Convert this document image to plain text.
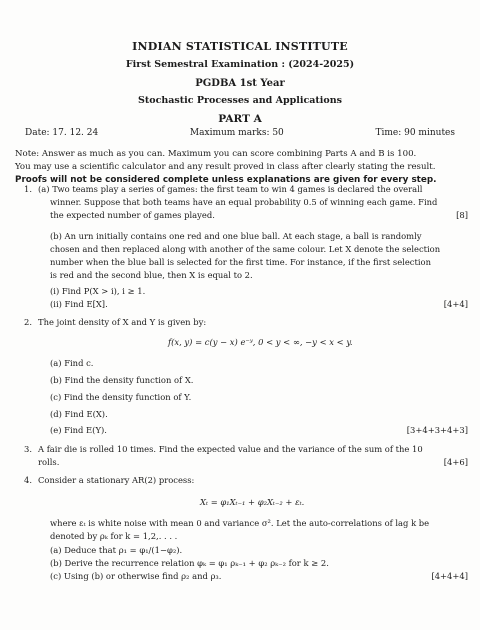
INDIAN STATISTICAL INSTITUTE
First Semestral Examination : (2024-2025)
PGDBA 1st Year
Stochastic Processes and Applications
PART A
Date: 17. 12. 24	Maximum marks: 50	Time: 90 minutes
Note: Answer as much as you can. Maximum you can score combining Parts A and B is 100.
You may use a scientific calculator and any result proved in class after clearly stating the result.
Proofs will not be considered complete unless explanations are given for every step.
1. (a) Two teams play a series of games: the first team to win 4 games is declared the overall
winner. Suppose that both teams have an equal probability 0.5 of winning each game. Find
the expected number of games played.	[8]
(b) An urn initially contains one red and one blue ball. At each stage, a ball is randomly
chosen and then replaced along with another of the same colour. Let X denote the selection
number when the blue ball is selected for the first time. For instance, if the first selection
is red and the second blue, then X is equal to 2.
(i) Find P(X > i), i ≥ 1.
(ii) Find E[X].	[4+4]
2. The joint density of X and Y is given by:
f(x, y) = c(y − x) e⁻ʸ, 0 < y < ∞, −y < x < y.
(a) Find c.
(b) Find the density function of X.
(c) Find the density function of Y.
(d) Find E(X).
(e) Find E(Y).	[3+4+3+4+3]
3. A fair die is rolled 10 times. Find the expected value and the variance of the sum of the 10
rolls.	[4+6]
4. Consider a stationary AR(2) process:
Xₜ = φ₁Xₜ₋₁ + φ₂Xₜ₋₂ + εₜ.
where εₜ is white noise with mean 0 and variance σ². Let the auto-correlations of lag k be
denoted by ρₖ for k = 1,2,. . . .
(a) Deduce that ρ₁ = φ₁/(1−φ₂).
(b) Derive the recurrence relation φₖ = φ₁ ρₖ₋₁ + φ₂ ρₖ₋₂ for k ≥ 2.
(c) Using (b) or otherwise find ρ₂ and ρ₃.	[4+4+4]
